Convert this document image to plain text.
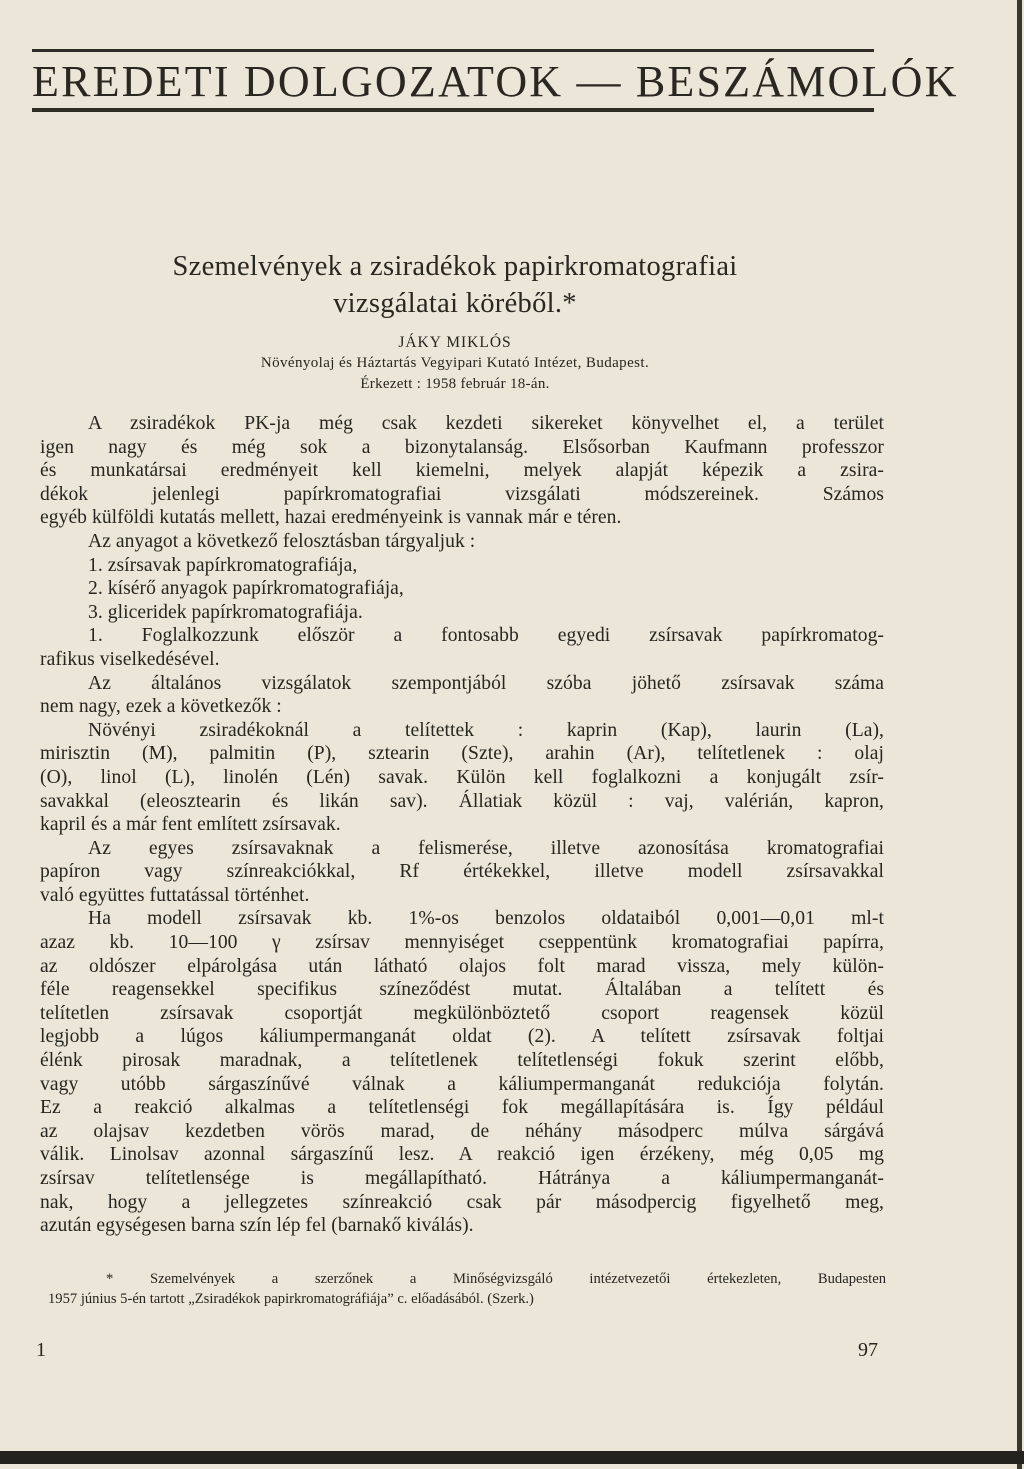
EREDETI DOLGOZATOK — BESZÁMOLÓK
Szemelvények a zsiradékok papirkromatografiai
vizsgálatai köréből.*
JÁKY MIKLÓS
Növényolaj és Háztartás Vegyipari Kutató Intézet, Budapest.
Érkezett : 1958 február 18-án.
A zsiradékok PK-ja még csak kezdeti sikereket könyvelhet el, a terület
igen nagy és még sok a bizonytalanság. Elsősorban Kaufmann professzor
és munkatársai eredményeit kell kiemelni, melyek alapját képezik a zsira-
dékok jelenlegi papírkromatografiai vizsgálati módszereinek. Számos
egyéb külföldi kutatás mellett, hazai eredményeink is vannak már e téren.
Az anyagot a következő felosztásban tárgyaljuk :
1. zsírsavak papírkromatografiája,
2. kísérő anyagok papírkromatografiája,
3. gliceridek papírkromatografiája.
1. Foglalkozzunk először a fontosabb egyedi zsírsavak papírkromatog-
rafikus viselkedésével.
Az általános vizsgálatok szempontjából szóba jöhető zsírsavak száma
nem nagy, ezek a következők :
Növényi zsiradékoknál a telítettek : kaprin (Kap), laurin (La),
mirisztin (M), palmitin (P), sztearin (Szte), arahin (Ar), telítetlenek : olaj
(O), linol (L), linolén (Lén) savak. Külön kell foglalkozni a konjugált zsír-
savakkal (eleosztearin és likán sav). Állatiak közül : vaj, valérián, kapron,
kapril és a már fent említett zsírsavak.
Az egyes zsírsavaknak a felismerése, illetve azonosítása kromatografiai
papíron vagy színreakciókkal, Rf értékekkel, illetve modell zsírsavakkal
való együttes futtatással történhet.
Ha modell zsírsavak kb. 1%-os benzolos oldataiból 0,001—0,01 ml-t
azaz kb. 10—100 γ zsírsav mennyiséget cseppentünk kromatografiai papírra,
az oldószer elpárolgása után látható olajos folt marad vissza, mely külön-
féle reagensekkel specifikus színeződést mutat. Általában a telített és
telítetlen zsírsavak csoportját megkülönböztető csoport reagensek közül
legjobb a lúgos káliumpermanganát oldat (2). A telített zsírsavak foltjai
élénk pirosak maradnak, a telítetlenek telítetlenségi fokuk szerint előbb,
vagy utóbb sárgaszínűvé válnak a káliumpermanganát redukciója folytán.
Ez a reakció alkalmas a telítetlenségi fok megállapítására is. Így például
az olajsav kezdetben vörös marad, de néhány másodperc múlva sárgává
válik. Linolsav azonnal sárgaszínű lesz. A reakció igen érzékeny, még 0,05 mg
zsírsav telítetlensége is megállapítható. Hátránya a káliumpermanganát-
nak, hogy a jellegzetes színreakció csak pár másodpercig figyelhető meg,
azután egységesen barna szín lép fel (barnakő kiválás).
* Szemelvények a szerzőnek a Minőségvizsgáló intézetvezetői értekezleten, Budapesten
1957 június 5-én tartott „Zsiradékok papirkromatográfiája” c. előadásából. (Szerk.)
1	97
